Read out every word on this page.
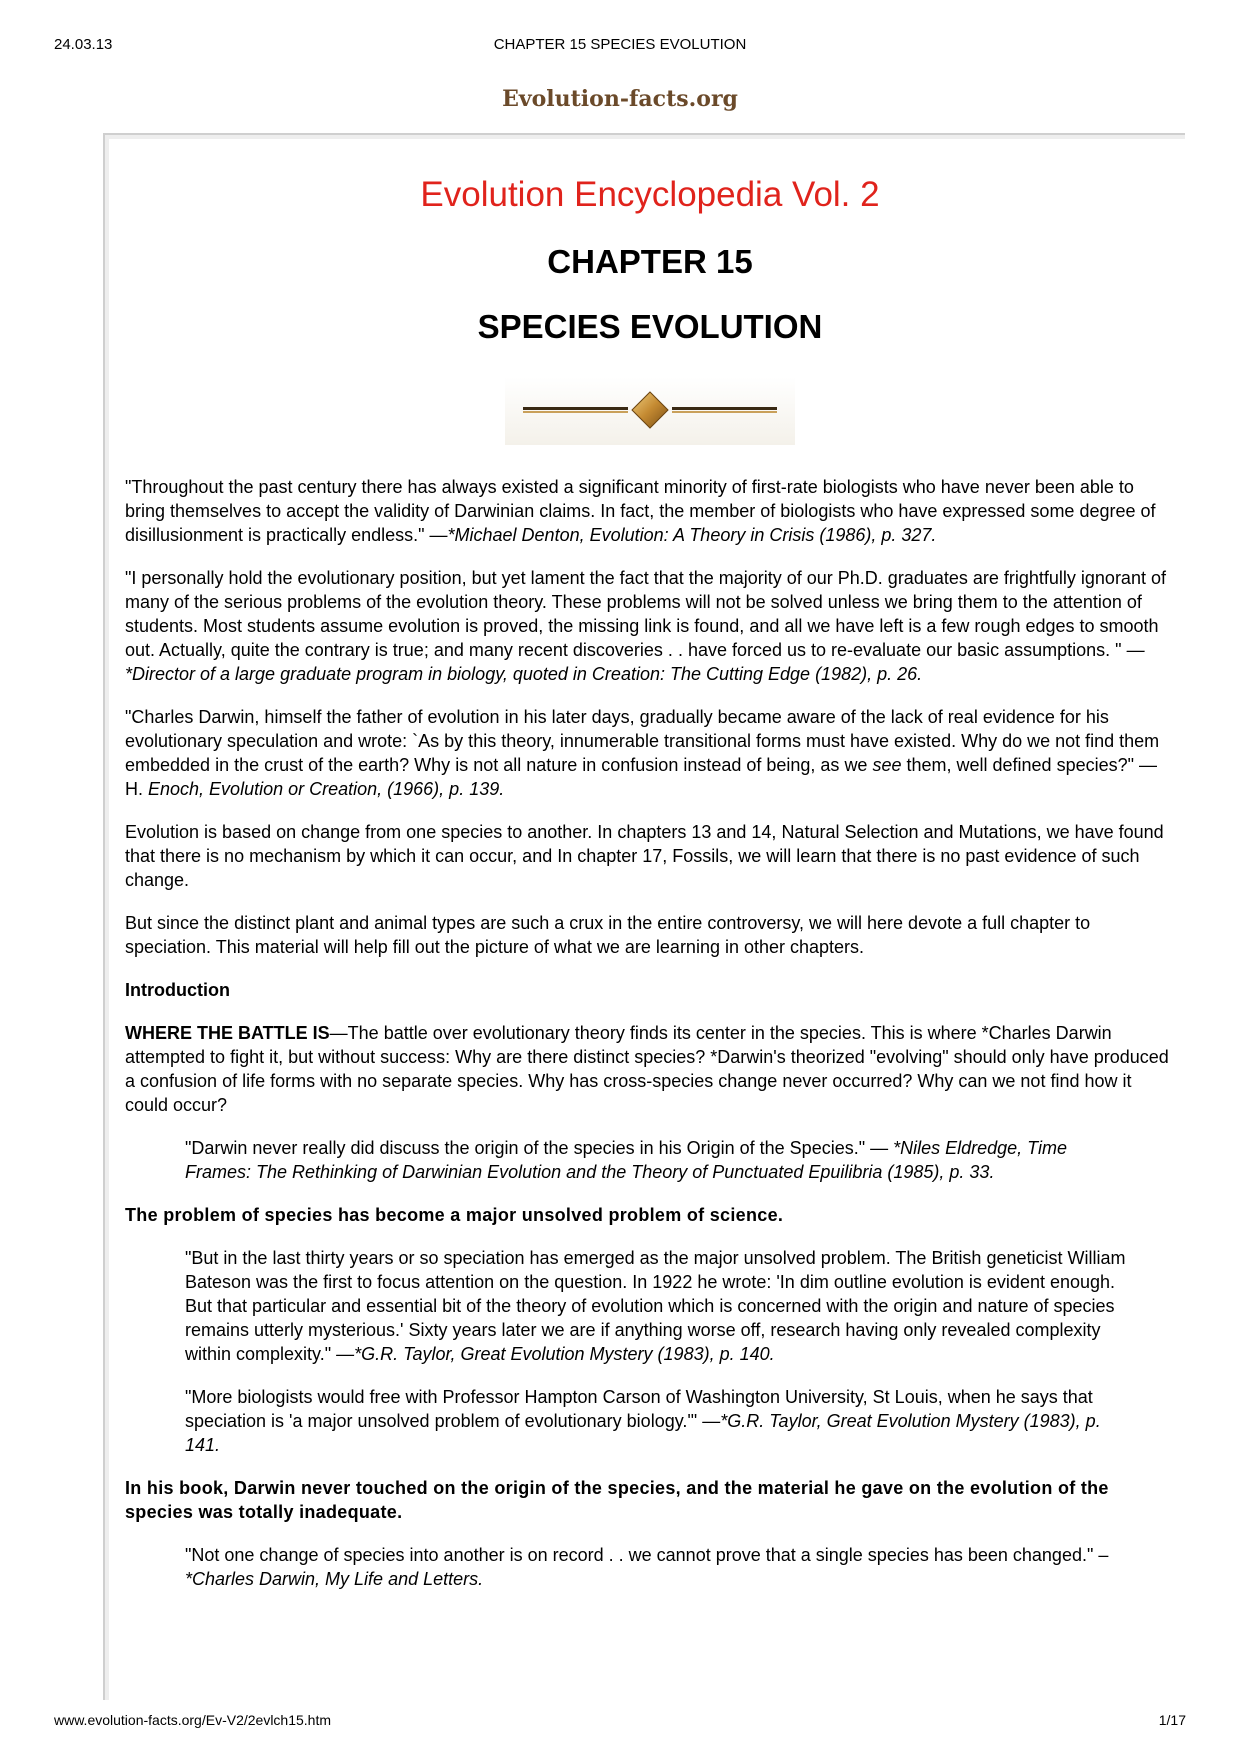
24.03.13	CHAPTER 15 SPECIES EVOLUTION
Evolution-facts.org
Evolution Encyclopedia Vol. 2
CHAPTER 15
SPECIES EVOLUTION

"Throughout the past century there has always existed a significant minority of first-rate biologists who have never been able to bring themselves to accept the validity of Darwinian claims. In fact, the member of biologists who have expressed some degree of disillusionment is practically endless." —*Michael Denton, Evolution: A Theory in Crisis (1986), p. 327.

"I personally hold the evolutionary position, but yet lament the fact that the majority of our Ph.D. graduates are frightfully ignorant of many of the serious problems of the evolution theory. These problems will not be solved unless we bring them to the attention of students. Most students assume evolution is proved, the missing link is found, and all we have left is a few rough edges to smooth out. Actually, quite the contrary is true; and many recent discoveries . . have forced us to re-evaluate our basic assumptions. " —*Director of a large graduate program in biology, quoted in Creation: The Cutting Edge (1982), p. 26.

"Charles Darwin, himself the father of evolution in his later days, gradually became aware of the lack of real evidence for his evolutionary speculation and wrote: `As by this theory, innumerable transitional forms must have existed. Why do we not find them embedded in the crust of the earth? Why is not all nature in confusion instead of being, as we see them, well defined species?" — H. Enoch, Evolution or Creation, (1966), p. 139.

Evolution is based on change from one species to another. In chapters 13 and 14, Natural Selection and Mutations, we have found that there is no mechanism by which it can occur, and In chapter 17, Fossils, we will learn that there is no past evidence of such change.

But since the distinct plant and animal types are such a crux in the entire controversy, we will here devote a full chapter to speciation. This material will help fill out the picture of what we are learning in other chapters.

Introduction

WHERE THE BATTLE IS—The battle over evolutionary theory finds its center in the species. This is where *Charles Darwin attempted to fight it, but without success: Why are there distinct species? *Darwin's theorized "evolving" should only have produced a confusion of life forms with no separate species. Why has cross-species change never occurred? Why can we not find how it could occur?

"Darwin never really did discuss the origin of the species in his Origin of the Species." — *Niles Eldredge, Time Frames: The Rethinking of Darwinian Evolution and the Theory of Punctuated Epuilibria (1985), p. 33.

The problem of species has become a major unsolved problem of science.

"But in the last thirty years or so speciation has emerged as the major unsolved problem. The British geneticist William Bateson was the first to focus attention on the question. In 1922 he wrote: 'In dim outline evolution is evident enough. But that particular and essential bit of the theory of evolution which is concerned with the origin and nature of species remains utterly mysterious.' Sixty years later we are if anything worse off, research having only revealed complexity within complexity." —*G.R. Taylor, Great Evolution Mystery (1983), p. 140.

"More biologists would free with Professor Hampton Carson of Washington University, St Louis, when he says that speciation is 'a major unsolved problem of evolutionary biology.'" —*G.R. Taylor, Great Evolution Mystery (1983), p. 141.

In his book, Darwin never touched on the origin of the species, and the material he gave on the evolution of the species was totally inadequate.

"Not one change of species into another is on record . . we cannot prove that a single species has been changed." –*Charles Darwin, My Life and Letters.

www.evolution-facts.org/Ev-V2/2evlch15.htm	1/17
